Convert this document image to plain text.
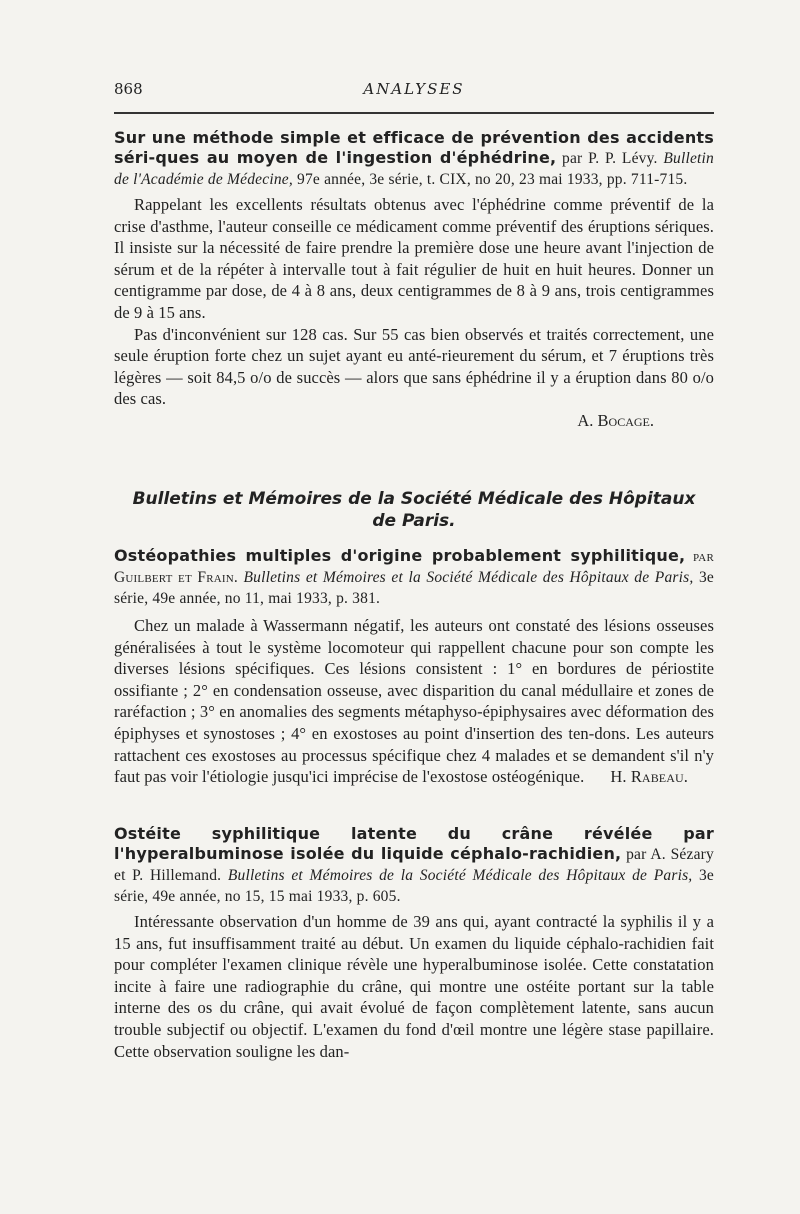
868	ANALYSES
Sur une méthode simple et efficace de prévention des accidents séri-ques au moyen de l'ingestion d'éphédrine, par P. P. Lévy. Bulletin de l'Académie de Médecine, 97e année, 3e série, t. CIX, no 20, 23 mai 1933, pp. 711-715.

Rappelant les excellents résultats obtenus avec l'éphédrine comme préventif de la crise d'asthme, l'auteur conseille ce médicament comme préventif des éruptions sériques. Il insiste sur la nécessité de faire prendre la première dose une heure avant l'injection de sérum et de la répéter à intervalle tout à fait régulier de huit en huit heures. Donner un centigramme par dose, de 4 à 8 ans, deux centigrammes de 8 à 9 ans, trois centigrammes de 9 à 15 ans.

Pas d'inconvénient sur 128 cas. Sur 55 cas bien observés et traités correctement, une seule éruption forte chez un sujet ayant eu anté-rieurement du sérum, et 7 éruptions très légères — soit 84,5 o/o de succès — alors que sans éphédrine il y a éruption dans 80 o/o des cas.

A. Bocage.
Bulletins et Mémoires de la Société Médicale des Hôpitaux
de Paris.
Ostéopathies multiples d'origine probablement syphilitique, par Guilbert et Frain. Bulletins et Mémoires et la Société Médicale des Hôpitaux de Paris, 3e série, 49e année, no 11, mai 1933, p. 381.

Chez un malade à Wassermann négatif, les auteurs ont constaté des lésions osseuses généralisées à tout le système locomoteur qui rappellent chacune pour son compte les diverses lésions spécifiques. Ces lésions consistent : 1° en bordures de périostite ossifiante ; 2° en condensation osseuse, avec disparition du canal médullaire et zones de raréfaction ; 3° en anomalies des segments métaphyso-épiphysaires avec déformation des épiphyses et synostoses ; 4° en exostoses au point d'insertion des ten-dons. Les auteurs rattachent ces exostoses au processus spécifique chez 4 malades et se demandent s'il n'y faut pas voir l'étiologie jusqu'ici imprécise de l'exostose ostéogénique.	H. Rabeau.

Ostéite syphilitique latente du crâne révélée par l'hyperalbuminose isolée du liquide céphalo-rachidien, par A. Sézary et P. Hillemand. Bulletins et Mémoires de la Société Médicale des Hôpitaux de Paris, 3e série, 49e année, no 15, 15 mai 1933, p. 605.

Intéressante observation d'un homme de 39 ans qui, ayant contracté la syphilis il y a 15 ans, fut insuffisamment traité au début. Un examen du liquide céphalo-rachidien fait pour compléter l'examen clinique révèle une hyperalbuminose isolée. Cette constatation incite à faire une radiographie du crâne, qui montre une ostéite portant sur la table interne des os du crâne, qui avait évolué de façon complètement latente, sans aucun trouble subjectif ou objectif. L'examen du fond d'œil montre une légère stase papillaire. Cette observation souligne les dan-
